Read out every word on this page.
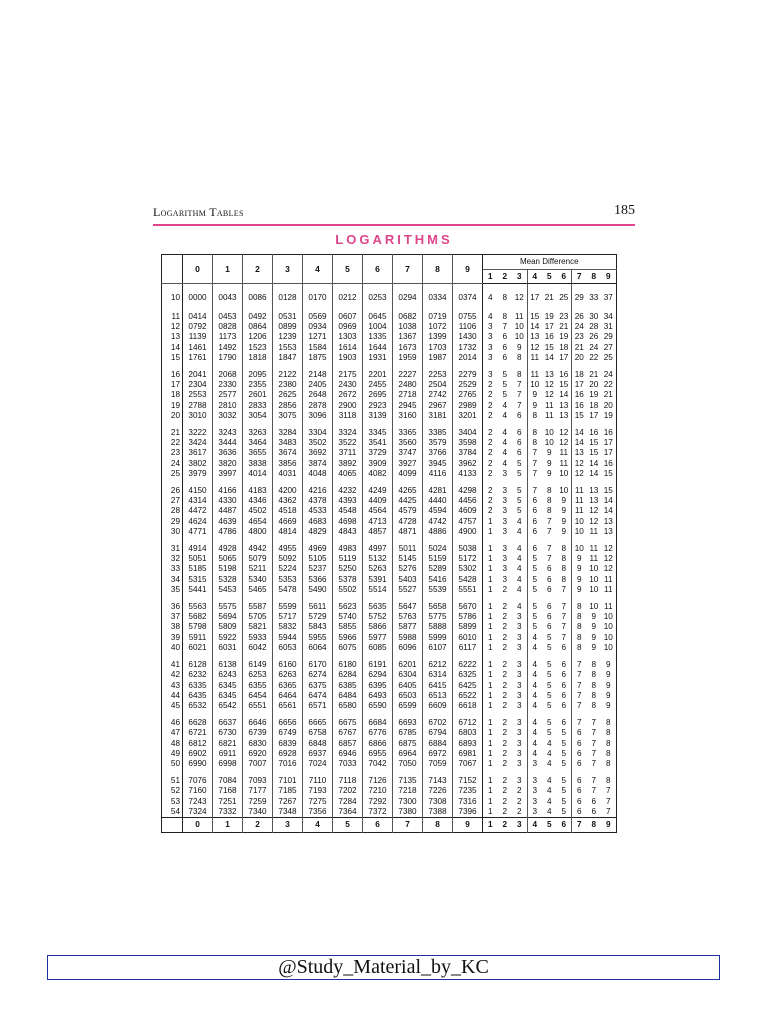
Logarithm Tables	185
LOGARITHMS
	0	1	2	3	4	5	6	7	8	9	Mean Difference								
											1	2	3	4	5	6	7	8	9

10	0000	0043	0086	0128	0170	0212	0253	0294	0334	0374	4	8	12	17	21	25	29	33	37

11	0414	0453	0492	0531	0569	0607	0645	0682	0719	0755	4	8	11	15	19	23	26	30	34
12	0792	0828	0864	0899	0934	0969	1004	1038	1072	1106	3	7	10	14	17	21	24	28	31
13	1139	1173	1206	1239	1271	1303	1335	1367	1399	1430	3	6	10	13	16	19	23	26	29
14	1461	1492	1523	1553	1584	1614	1644	1673	1703	1732	3	6	9	12	15	18	21	24	27
15	1761	1790	1818	1847	1875	1903	1931	1959	1987	2014	3	6	8	11	14	17	20	22	25

16	2041	2068	2095	2122	2148	2175	2201	2227	2253	2279	3	5	8	11	13	16	18	21	24
17	2304	2330	2355	2380	2405	2430	2455	2480	2504	2529	2	5	7	10	12	15	17	20	22
18	2553	2577	2601	2625	2648	2672	2695	2718	2742	2765	2	5	7	9	12	14	16	19	21
19	2788	2810	2833	2856	2878	2900	2923	2945	2967	2989	2	4	7	9	11	13	16	18	20
20	3010	3032	3054	3075	3096	3118	3139	3160	3181	3201	2	4	6	8	11	13	15	17	19

21	3222	3243	3263	3284	3304	3324	3345	3365	3385	3404	2	4	6	8	10	12	14	16	16
22	3424	3444	3464	3483	3502	3522	3541	3560	3579	3598	2	4	6	8	10	12	14	15	17
23	3617	3636	3655	3674	3692	3711	3729	3747	3766	3784	2	4	6	7	9	11	13	15	17
24	3802	3820	3838	3856	3874	3892	3909	3927	3945	3962	2	4	5	7	9	11	12	14	16
25	3979	3997	4014	4031	4048	4065	4082	4099	4116	4133	2	3	5	7	9	10	12	14	15

26	4150	4166	4183	4200	4216	4232	4249	4265	4281	4298	2	3	5	7	8	10	11	13	15
27	4314	4330	4346	4362	4378	4393	4409	4425	4440	4456	2	3	5	6	8	9	11	13	14
28	4472	4487	4502	4518	4533	4548	4564	4579	4594	4609	2	3	5	6	8	9	11	12	14
29	4624	4639	4654	4669	4683	4698	4713	4728	4742	4757	1	3	4	6	7	9	10	12	13
30	4771	4786	4800	4814	4829	4843	4857	4871	4886	4900	1	3	4	6	7	9	10	11	13

31	4914	4928	4942	4955	4969	4983	4997	5011	5024	5038	1	3	4	6	7	8	10	11	12
32	5051	5065	5079	5092	5105	5119	5132	5145	5159	5172	1	3	4	5	7	8	9	11	12
33	5185	5198	5211	5224	5237	5250	5263	5276	5289	5302	1	3	4	5	6	8	9	10	12
34	5315	5328	5340	5353	5366	5378	5391	5403	5416	5428	1	3	4	5	6	8	9	10	11
35	5441	5453	5465	5478	5490	5502	5514	5527	5539	5551	1	2	4	5	6	7	9	10	11

36	5563	5575	5587	5599	5611	5623	5635	5647	5658	5670	1	2	4	5	6	7	8	10	11
37	5682	5694	5705	5717	5729	5740	5752	5763	5775	5786	1	2	3	5	6	7	8	9	10
38	5798	5809	5821	5832	5843	5855	5866	5877	5888	5899	1	2	3	5	6	7	8	9	10
39	5911	5922	5933	5944	5955	5966	5977	5988	5999	6010	1	2	3	4	5	7	8	9	10
40	6021	6031	6042	6053	6064	6075	6085	6096	6107	6117	1	2	3	4	5	6	8	9	10

41	6128	6138	6149	6160	6170	6180	6191	6201	6212	6222	1	2	3	4	5	6	7	8	9
42	6232	6243	6253	6263	6274	6284	6294	6304	6314	6325	1	2	3	4	5	6	7	8	9
43	6335	6345	6355	6365	6375	6385	6395	6405	6415	6425	1	2	3	4	5	6	7	8	9
44	6435	6345	6454	6464	6474	6484	6493	6503	6513	6522	1	2	3	4	5	6	7	8	9
45	6532	6542	6551	6561	6571	6580	6590	6599	6609	6618	1	2	3	4	5	6	7	8	9

46	6628	6637	6646	6656	6665	6675	6684	6693	6702	6712	1	2	3	4	5	6	7	7	8
47	6721	6730	6739	6749	6758	6767	6776	6785	6794	6803	1	2	3	4	5	5	6	7	8
48	6812	6821	6830	6839	6848	6857	6866	6875	6884	6893	1	2	3	4	4	5	6	7	8
49	6902	6911	6920	6928	6937	6946	6955	6964	6972	6981	1	2	3	4	4	5	6	7	8
50	6990	6998	7007	7016	7024	7033	7042	7050	7059	7067	1	2	3	3	4	5	6	7	8

51	7076	7084	7093	7101	7110	7118	7126	7135	7143	7152	1	2	3	3	4	5	6	7	8
52	7160	7168	7177	7185	7193	7202	7210	7218	7226	7235	1	2	2	3	4	5	6	7	7
53	7243	7251	7259	7267	7275	7284	7292	7300	7308	7316	1	2	2	3	4	5	6	6	7
54	7324	7332	7340	7348	7356	7364	7372	7380	7388	7396	1	2	2	3	4	5	6	6	7
	0	1	2	3	4	5	6	7	8	9	1	2	3	4	5	6	7	8	9
@Study_Material_by_KC
